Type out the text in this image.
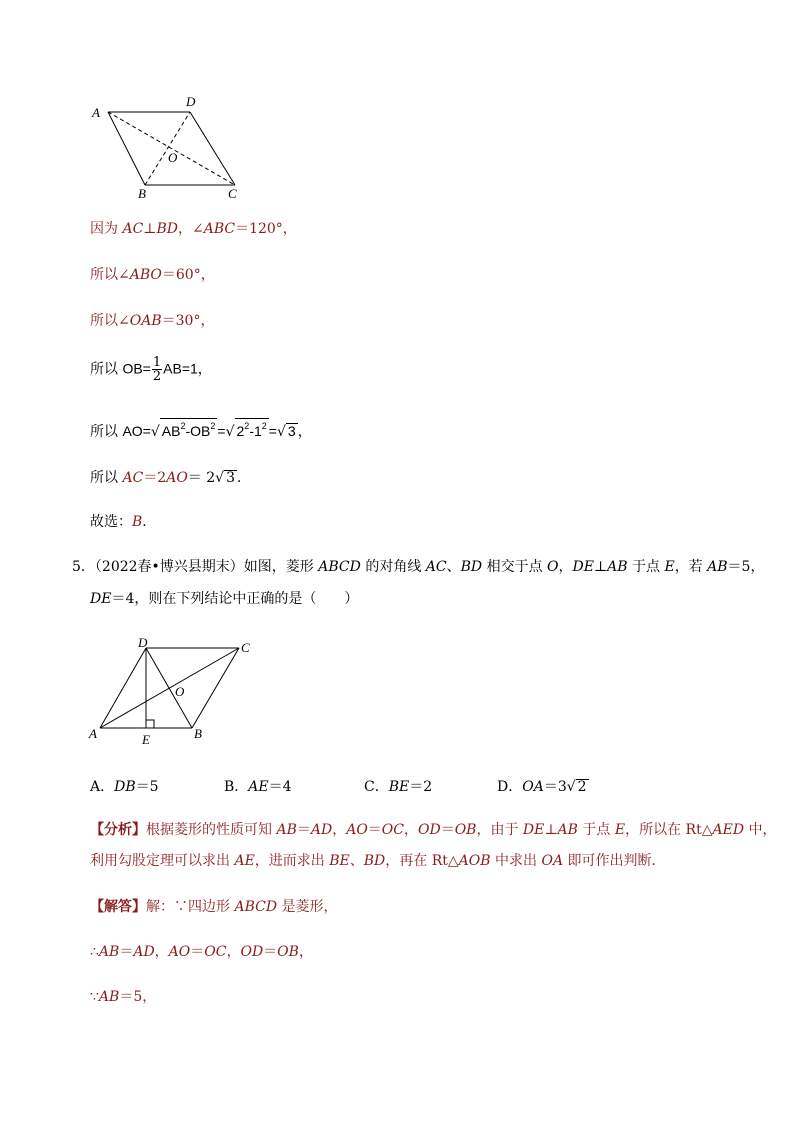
A
D
O
B	C
因为 AC⊥BD，∠ABC＝120°，
所以∠ABO＝60°，
所以∠OAB＝30°，
所以 $OB= \frac{1}{2} AB=1$，
所以 AO=√ $AB^2-OB^2$ =√ $2^2-1^2$ =√ 3 ，
所以 AC＝2AO＝ 2√ 3 ．
故选：B．
5．（2022春•博兴县期末）如图，菱形 ABCD 的对角线 AC、BD 相交于点 O，DE⊥AB 于点 E，若 AB＝5，
DE＝4，则在下列结论中正确的是（　　）
D	C
O
A	E	B
A．DB＝5	B．AE＝4	C．BE＝2	D．OA＝3√ 2
【分析】根据菱形的性质可知 AB＝AD，AO＝OC，OD＝OB，由于 DE⊥AB 于点 E，所以在 Rt△AED 中，
利用勾股定理可以求出 AE，进而求出 BE、BD，再在 Rt△AOB 中求出 OA 即可作出判断．
【解答】解：∵四边形 ABCD 是菱形，
∴AB＝AD，AO＝OC，OD＝OB，
∵AB＝5，
